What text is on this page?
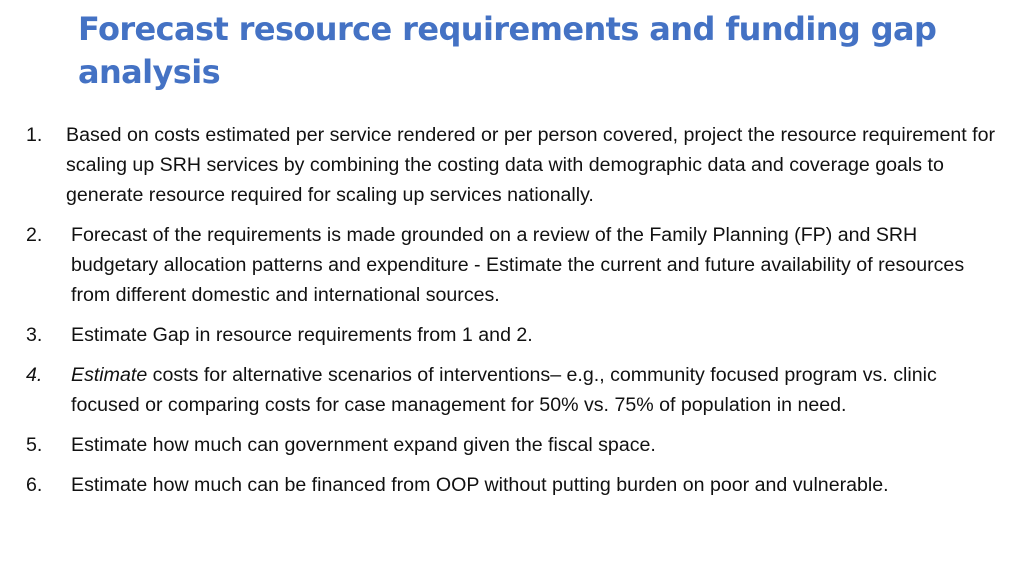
Forecast resource requirements and funding gap analysis
1. Based on costs estimated per service rendered or per person covered, project the resource requirement for scaling up SRH services by combining the costing data with demographic data and coverage goals to generate resource required for scaling up services nationally.
2. Forecast of the requirements is made grounded on a review of the Family Planning (FP) and SRH budgetary allocation patterns and expenditure - Estimate the current and future availability of resources from different domestic and international sources.
3. Estimate Gap in resource requirements from 1 and 2.
4. Estimate costs for alternative scenarios of interventions– e.g., community focused program vs. clinic focused or comparing costs for case management for 50% vs. 75% of population in need.
5. Estimate how much can government expand given the fiscal space.
6. Estimate how much can be financed from OOP without putting burden on poor and vulnerable.
